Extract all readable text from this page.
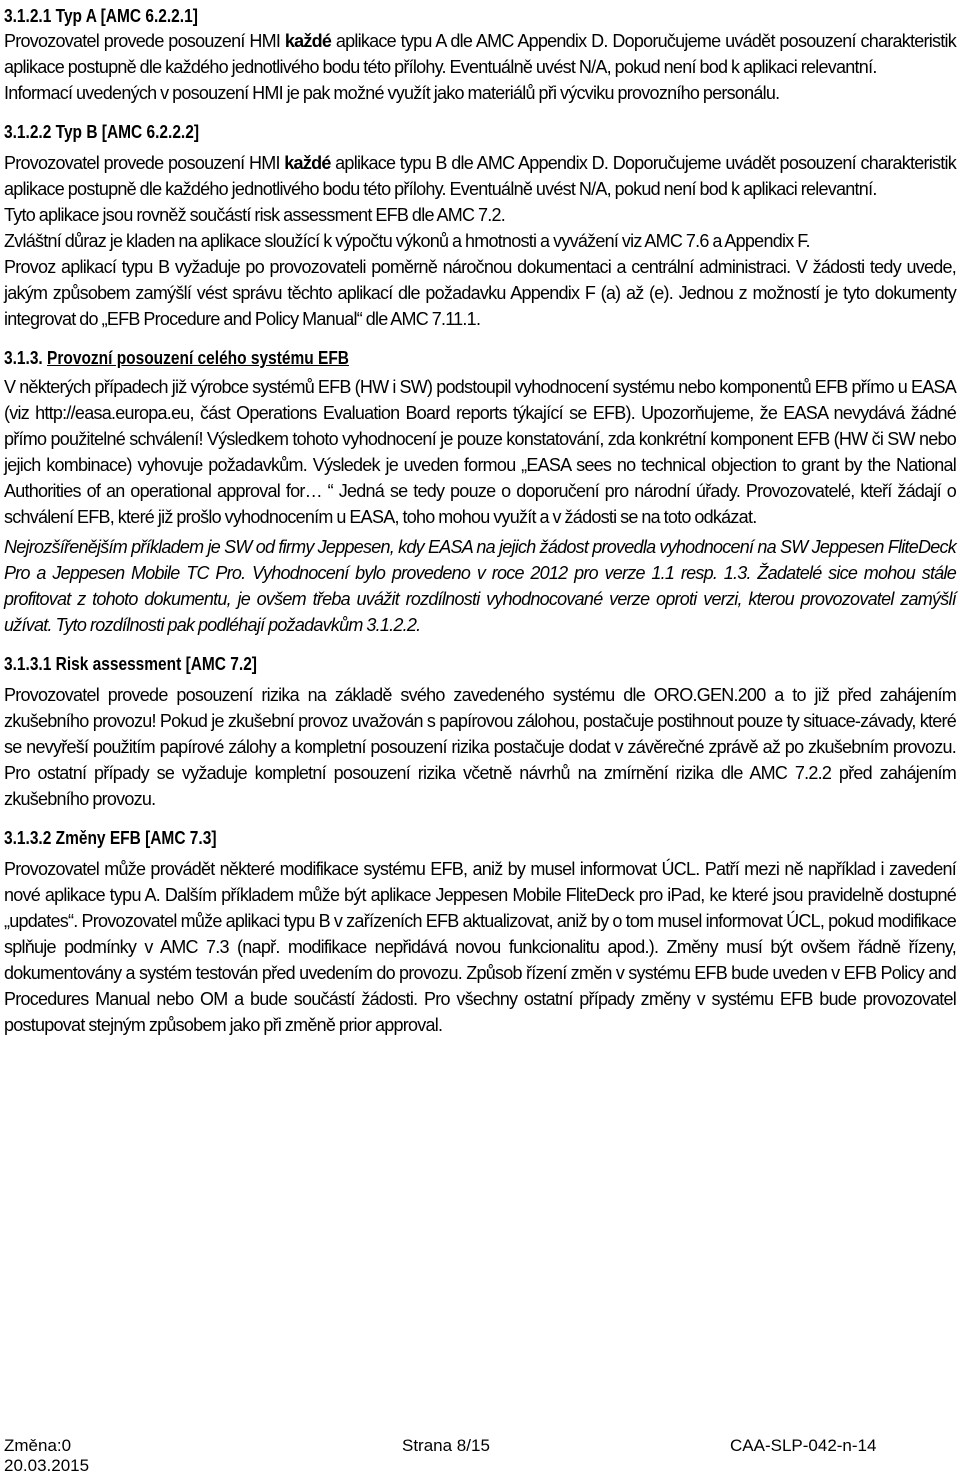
3.1.2.1 Typ A [AMC 6.2.2.1]

Provozovatel provede posouzení HMI každé aplikace typu A dle AMC Appendix D. Doporučujeme uvádět posouzení charakteristik aplikace postupně dle každého jednotlivého bodu této přílohy. Eventuálně uvést N/A, pokud není bod k aplikaci relevantní.

Informací uvedených v posouzení HMI je pak možné využít jako materiálů při výcviku provozního personálu.

3.1.2.2 Typ B [AMC 6.2.2.2]

Provozovatel provede posouzení HMI každé aplikace typu B dle AMC Appendix D. Doporučujeme uvádět posouzení charakteristik aplikace postupně dle každého jednotlivého bodu této přílohy. Eventuálně uvést N/A, pokud není bod k aplikaci relevantní.

Tyto aplikace jsou rovněž součástí risk assessment EFB dle AMC 7.2.

Zvláštní důraz je kladen na aplikace sloužící k výpočtu výkonů a hmotnosti a vyvážení viz AMC 7.6 a Appendix F.

Provoz aplikací typu B vyžaduje po provozovateli poměrně náročnou dokumentaci a centrální administraci. V žádosti tedy uvede, jakým způsobem zamýšlí vést správu těchto aplikací dle požadavku Appendix F (a) až (e). Jednou z možností je tyto dokumenty integrovat do „EFB Procedure and Policy Manual“ dle AMC 7.11.1.

3.1.3. Provozní posouzení celého systému EFB

V některých případech již výrobce systémů EFB (HW i SW) podstoupil vyhodnocení systému nebo komponentů EFB přímo u EASA (viz http://easa.europa.eu, část Operations Evaluation Board reports týkající se EFB). Upozorňujeme, že EASA nevydává žádné přímo použitelné schválení! Výsledkem tohoto vyhodnocení je pouze konstatování, zda konkrétní komponent EFB (HW či SW nebo jejich kombinace) vyhovuje požadavkům. Výsledek je uveden formou „EASA sees no technical objection to grant by the National Authorities of an operational approval for… “ Jedná se tedy pouze o doporučení pro národní úřady. Provozovatelé, kteří žádají o schválení EFB, které již prošlo vyhodnocením u EASA, toho mohou využít a v žádosti se na toto odkázat.

Nejrozšířenějším příkladem je SW od firmy Jeppesen, kdy EASA na jejich žádost provedla vyhodnocení na SW Jeppesen FliteDeck Pro a Jeppesen Mobile TC Pro. Vyhodnocení bylo provedeno v roce 2012 pro verze 1.1 resp. 1.3. Žadatelé sice mohou stále profitovat z tohoto dokumentu, je ovšem třeba uvážit rozdílnosti vyhodnocované verze oproti verzi, kterou provozovatel zamýšlí užívat. Tyto rozdílnosti pak podléhají požadavkům 3.1.2.2.

3.1.3.1 Risk assessment [AMC 7.2]

Provozovatel provede posouzení rizika na základě svého zavedeného systému dle ORO.GEN.200 a to již před zahájením zkušebního provozu! Pokud je zkušební provoz uvažován s papírovou zálohou, postačuje postihnout pouze ty situace-závady, které se nevyřeší použitím papírové zálohy a kompletní posouzení rizika postačuje dodat v závěrečné zprávě až po zkušebním provozu. Pro ostatní případy se vyžaduje kompletní posouzení rizika včetně návrhů na zmírnění rizika dle AMC 7.2.2 před zahájením zkušebního provozu.

3.1.3.2 Změny EFB [AMC 7.3]

Provozovatel může provádět některé modifikace systému EFB, aniž by musel informovat ÚCL. Patří mezi ně například i zavedení nové aplikace typu A. Dalším příkladem může být aplikace Jeppesen Mobile FliteDeck pro iPad, ke které jsou pravidelně dostupné „updates“. Provozovatel může aplikaci typu B v zařízeních EFB aktualizovat, aniž by o tom musel informovat ÚCL, pokud modifikace splňuje podmínky v AMC 7.3 (např. modifikace nepřidává novou funkcionalitu apod.). Změny musí být ovšem řádně řízeny, dokumentovány a systém testován před uvedením do provozu. Způsob řízení změn v systému EFB bude uveden v EFB Policy and Procedures Manual nebo OM a bude součástí žádosti. Pro všechny ostatní případy změny v systému EFB bude provozovatel postupovat stejným způsobem jako při změně prior approval.

Změna:0
20.03.2015
Strana 8/15	CAA-SLP-042-n-14
